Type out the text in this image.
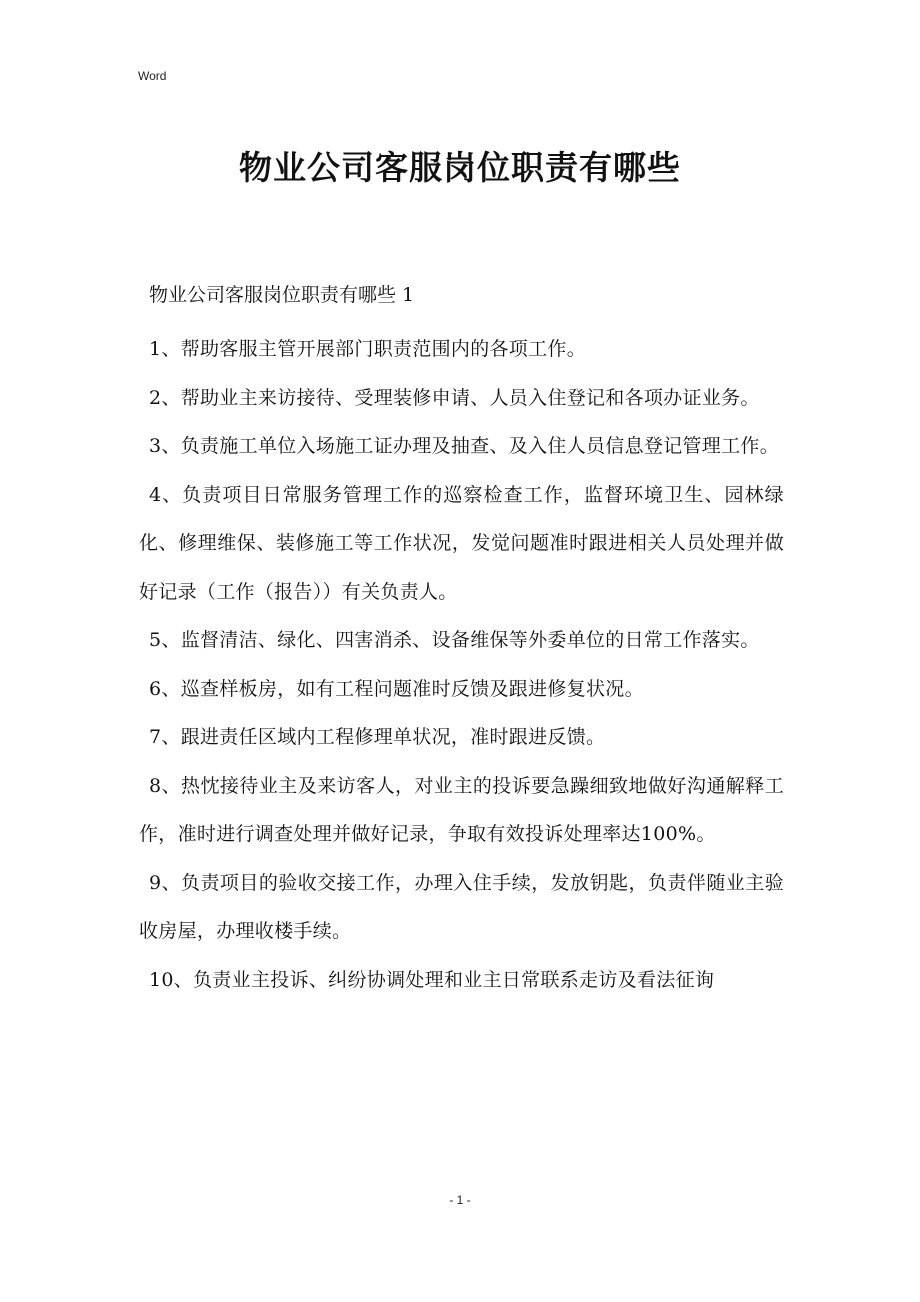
Word
物业公司客服岗位职责有哪些

物业公司客服岗位职责有哪些 1

1、帮助客服主管开展部门职责范围内的各项工作。

2、帮助业主来访接待、受理装修申请、人员入住登记和各项办证业务。

3、负责施工单位入场施工证办理及抽查、及入住人员信息登记管理工作。

4、负责项目日常服务管理工作的巡察检查工作，监督环境卫生、园林绿化、修理维保、装修施工等工作状况，发觉问题准时跟进相关人员处理并做好记录（工作（报告））有关负责人。

5、监督清洁、绿化、四害消杀、设备维保等外委单位的日常工作落实。

6、巡查样板房，如有工程问题准时反馈及跟进修复状况。

7、跟进责任区域内工程修理单状况，准时跟进反馈。

8、热忱接待业主及来访客人，对业主的投诉要急躁细致地做好沟通解释工作，准时进行调查处理并做好记录，争取有效投诉处理率达100%。

9、负责项目的验收交接工作，办理入住手续，发放钥匙，负责伴随业主验收房屋，办理收楼手续。

10、负责业主投诉、纠纷协调处理和业主日常联系走访及看法征询

- 1 -
